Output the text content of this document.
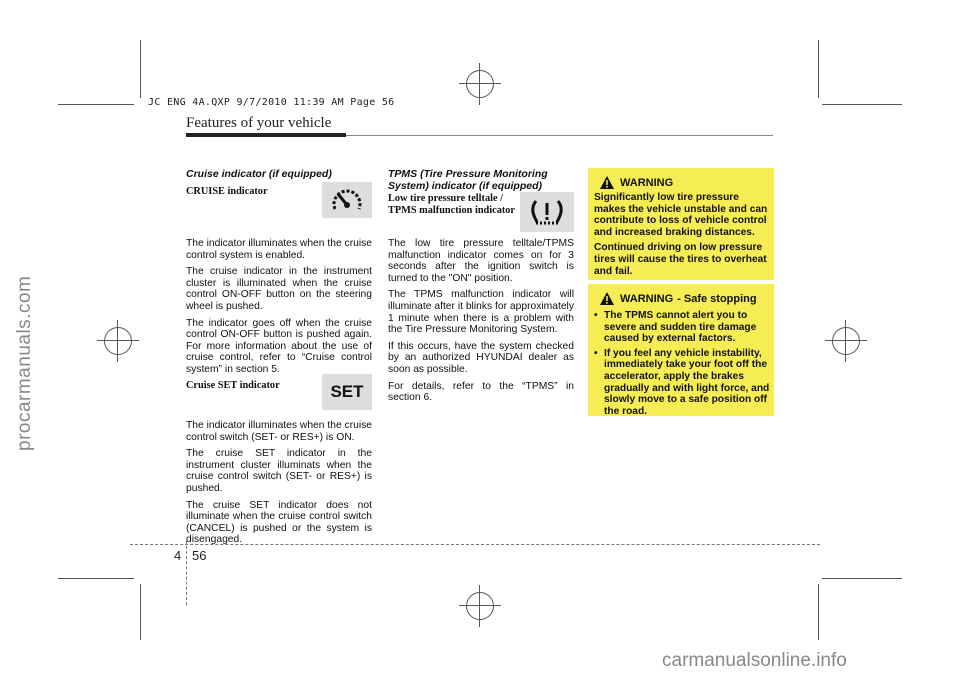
JC ENG 4A.QXP 9/7/2010 11:39 AM Page 56
procarmanuals.com
carmanualsonline.info
Features of your vehicle

Cruise indicator (if equipped)

CRUISE indicator

The indicator illuminates when the cruise control system is enabled.

The cruise indicator in the instrument cluster is illuminated when the cruise control ON-OFF button on the steering wheel is pushed.

The indicator goes off when the cruise control ON-OFF button is pushed again. For more information about the use of cruise control, refer to “Cruise control system” in section 5.

Cruise SET indicator	SET

The indicator illuminates when the cruise control switch (SET- or RES+) is ON.

The cruise SET indicator in the instrument cluster illuminats when the cruise control switch (SET- or RES+) is pushed.

The cruise SET indicator does not illuminate when the cruise control switch (CANCEL) is pushed or the system is disengaged.

TPMS (Tire Pressure Monitoring
System) indicator (if equipped)
Low tire pressure telltale /
TPMS malfunction indicator

The low tire pressure telltale/TPMS malfunction indicator comes on for 3 seconds after the ignition switch is turned to the "ON" position.

The TPMS malfunction indicator will illuminate after it blinks for approximately 1 minute when there is a problem with the Tire Pressure Monitoring System.

If this occurs, have the system checked by an authorized HYUNDAI dealer as soon as possible.

For details, refer to the “TPMS” in section 6.

WARNING

Significantly low tire pressure makes the vehicle unstable and can contribute to loss of vehicle control and increased braking distances.

Continued driving on low pressure tires will cause the tires to overheat and fail.

WARNING - Safe stopping
• The TPMS cannot alert you to severe and sudden tire damage caused by external factors.
• If you feel any vehicle instability, immediately take your foot off the accelerator, apply the brakes gradually and with light force, and slowly move to a safe position off the road.
4 56
